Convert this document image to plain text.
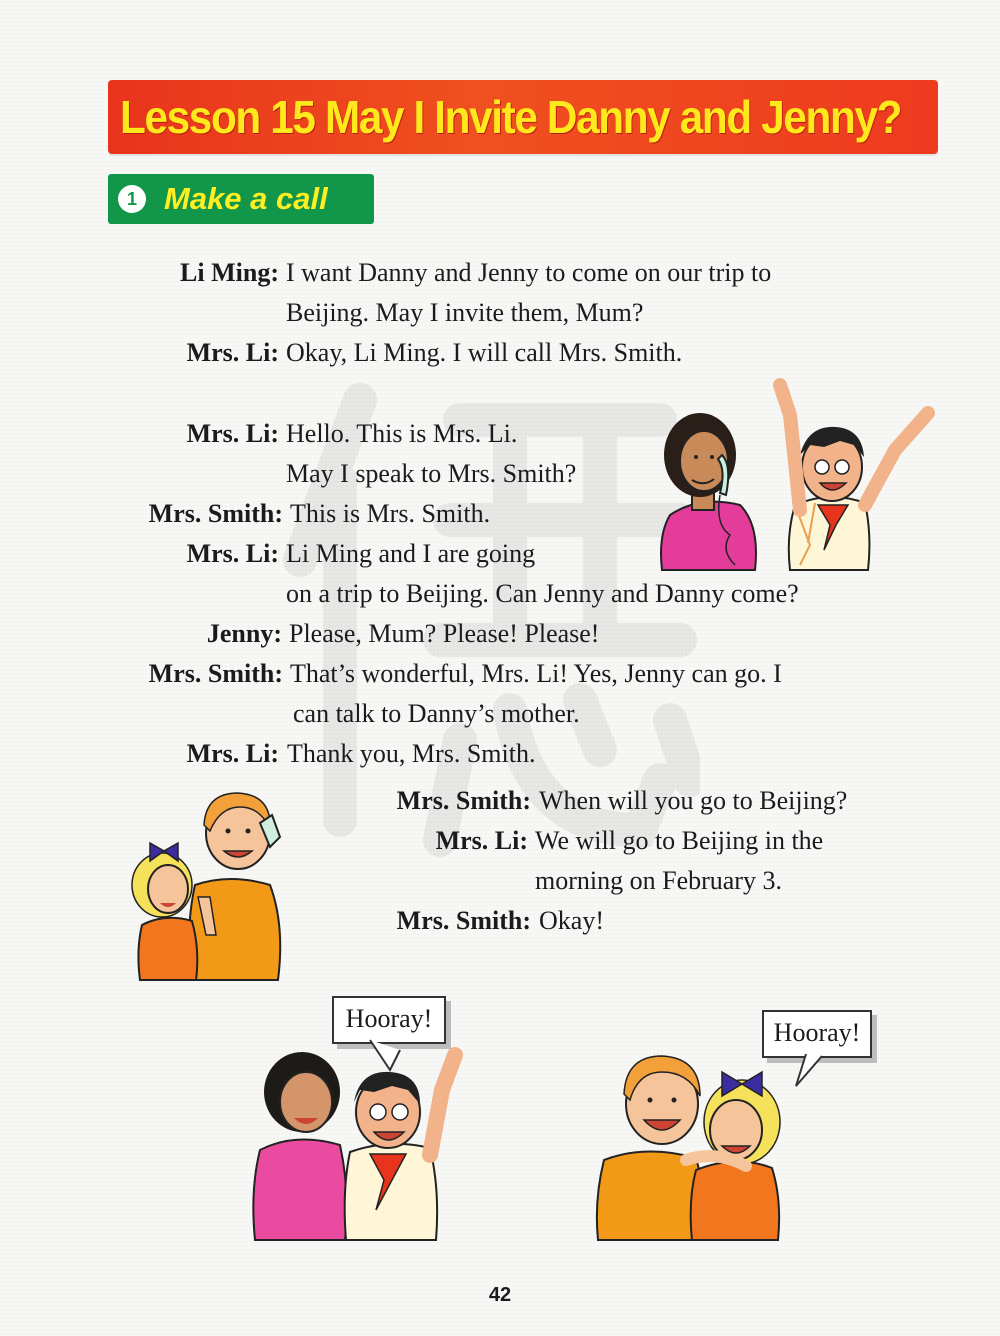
Lesson 15 May I Invite Danny and Jenny?
1 Make a call
Li Ming: I want Danny and Jenny to come on our trip to
Beijing. May I invite them, Mum?
Mrs. Li: Okay, Li Ming. I will call Mrs. Smith.
Mrs. Li: Hello. This is Mrs. Li.
May I speak to Mrs. Smith?
Mrs. Smith: This is Mrs. Smith.
Mrs. Li: Li Ming and I are going
on a trip to Beijing. Can Jenny and Danny come?
Jenny: Please, Mum? Please! Please!
Mrs. Smith: That’s wonderful, Mrs. Li! Yes, Jenny can go. I
can talk to Danny’s mother.
Mrs. Li: Thank you, Mrs. Smith.
Mrs. Smith: When will you go to Beijing?
Mrs. Li: We will go to Beijing in the
morning on February 3.
Mrs. Smith: Okay!
Hooray!	Hooray!
42
